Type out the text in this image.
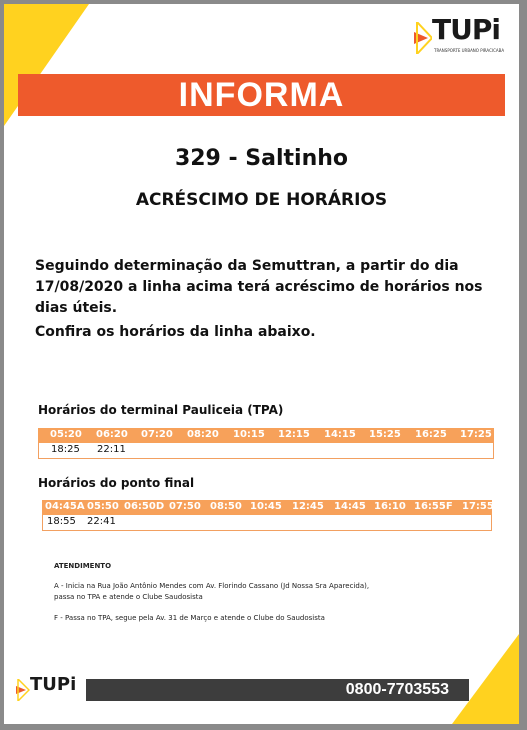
TUPi
TRANSPORTE URBANO PIRACICABA
INFORMA
329 - Saltinho
ACRÉSCIMO DE HORÁRIOS
Seguindo determinação da Semuttran, a partir do dia
17/08/2020 a linha acima terá acréscimo de horários nos
dias úteis.
Confira os horários da linha abaixo.
Horários do terminal Pauliceia (TPA)
05:20 06:20 07:20 08:20 10:15 12:15 14:15 15:25 16:25 17:25
18:25 22:11
Horários do ponto final
04:45A 05:50 06:50D 07:50 08:50 10:45 12:45 14:45 16:10 16:55F 17:55
18:55 22:41
ATENDIMENTO
A - Inicia na Rua João Antônio Mendes com Av. Florindo Cassano (Jd Nossa Sra Aparecida),
passa no TPA e atende o Clube Saudosista
F - Passa no TPA, segue pela Av. 31 de Março e atende o Clube do Saudosista
TUPi	0800-7703553
